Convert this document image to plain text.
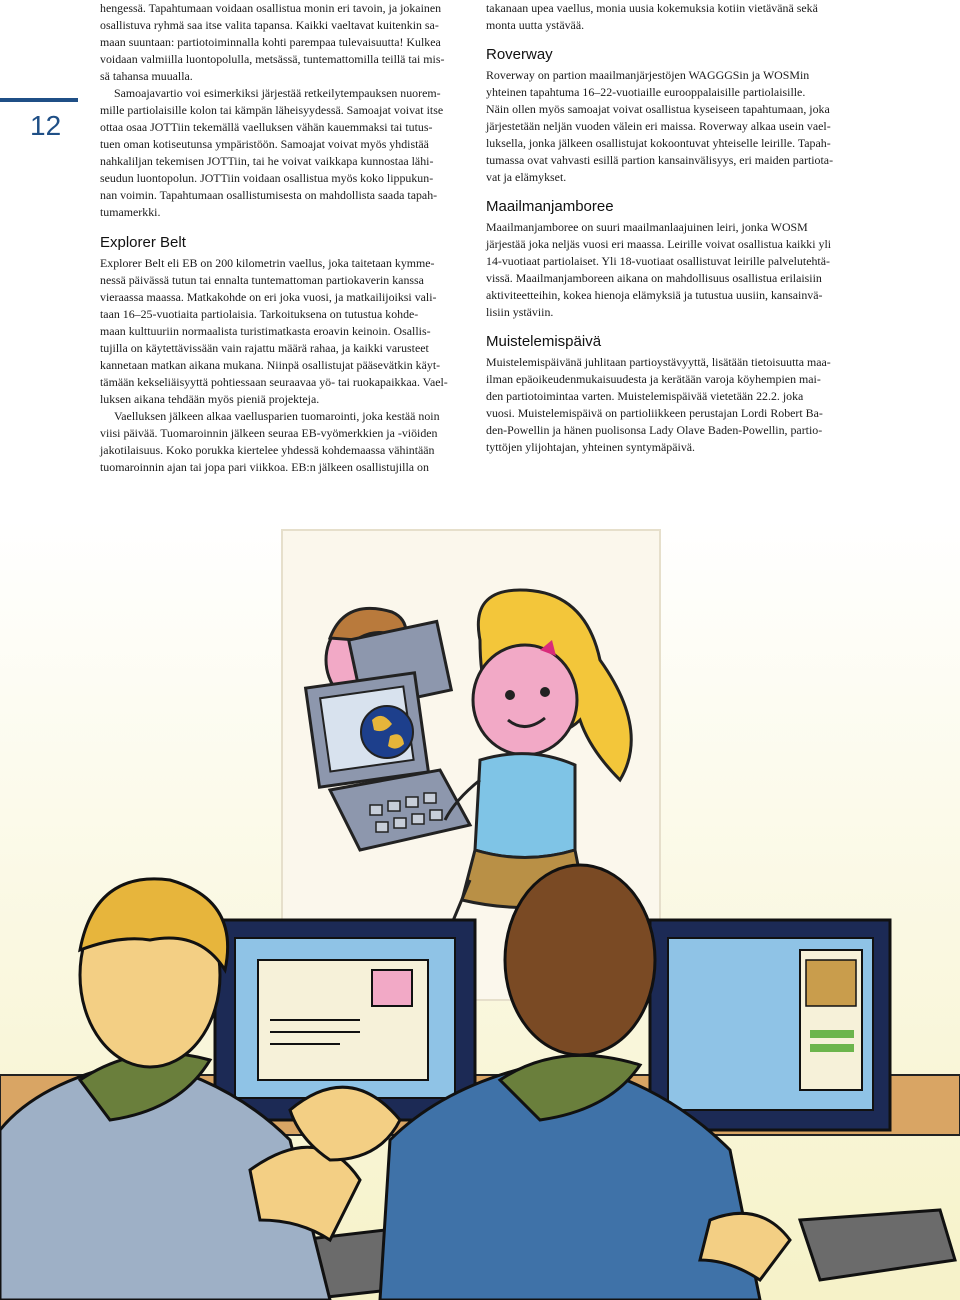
12

hengessä. Tapahtumaan voidaan osallistua monin eri tavoin, ja jokainen
osallistuva ryhmä saa itse valita tapansa. Kaikki vaeltavat kuitenkin sa-
maan suuntaan: partiotoiminnalla kohti parempaa tulevaisuutta! Kulkea
voidaan valmiilla luontopolulla, metsässä, tuntemattomilla teillä tai mis-
sä tahansa muualla.

Samoajavartio voi esimerkiksi järjestää retkeilytempauksen nuorem-
mille partiolaisille kolon tai kämpän läheisyydessä. Samoajat voivat itse
ottaa osaa JOTTiin tekemällä vaelluksen vähän kauemmaksi tai tutus-
tuen oman kotiseutunsa ympäristöön. Samoajat voivat myös yhdistää
nahkaliljan tekemisen JOTTiin, tai he voivat vaikkapa kunnostaa lähi-
seudun luontopolun. JOTTiin voidaan osallistua myös koko lippukun-
nan voimin. Tapahtumaan osallistumisesta on mahdollista saada tapah-
tumamerkki.

Explorer Belt

Explorer Belt eli EB on 200 kilometrin vaellus, joka taitetaan kymme-
nessä päivässä tutun tai ennalta tuntemattoman partiokaverin kanssa
vieraassa maassa. Matkakohde on eri joka vuosi, ja matkailijoiksi vali-
taan 16–25-vuotiaita partiolaisia. Tarkoituksena on tutustua kohde-
maan kulttuuriin normaalista turistimatkasta eroavin keinoin. Osallis-
tujilla on käytettävissään vain rajattu määrä rahaa, ja kaikki varusteet
kannetaan matkan aikana mukana. Niinpä osallistujat pääsevätkin käyt-
tämään kekseliäisyyttä pohtiessaan seuraavaa yö- tai ruokapaikkaa. Vael-
luksen aikana tehdään myös pieniä projekteja.

Vaelluksen jälkeen alkaa vaellusparien tuomarointi, joka kestää noin
viisi päivää. Tuomaroinnin jälkeen seuraa EB-vyömerkkien ja -viöiden
jakotilaisuus. Koko porukka kiertelee yhdessä kohdemaassa vähintään
tuomaroinnin ajan tai jopa pari viikkoa. EB:n jälkeen osallistujilla on

takanaan upea vaellus, monia uusia kokemuksia kotiin vietävänä sekä
monta uutta ystävää.

Roverway

Roverway on partion maailmanjärjestöjen WAGGGSin ja WOSMin
yhteinen tapahtuma 16–22-vuotiaille eurooppalaisille partiolaisille.
Näin ollen myös samoajat voivat osallistua kyseiseen tapahtumaan, joka
järjestetään neljän vuoden välein eri maissa. Roverway alkaa usein vael-
luksella, jonka jälkeen osallistujat kokoontuvat yhteiselle leirille. Tapah-
tumassa ovat vahvasti esillä partion kansainvälisyys, eri maiden partiota-
vat ja elämykset.

Maailmanjamboree

Maailmanjamboree on suuri maailmanlaajuinen leiri, jonka WOSM
järjestää joka neljäs vuosi eri maassa. Leirille voivat osallistua kaikki yli
14-vuotiaat partiolaiset. Yli 18-vuotiaat osallistuvat leirille palvelutehtä-
vissä. Maailmanjamboreen aikana on mahdollisuus osallistua erilaisiin
aktiviteetteihin, kokea hienoja elämyksiä ja tutustua uusiin, kansainvä-
lisiin ystäviin.

Muistelemispäivä

Muistelemispäivänä juhlitaan partioystävyyttä, lisätään tietoisuutta maa-
ilman epäoikeudenmukaisuudesta ja kerätään varoja köyhempien mai-
den partiotoimintaa varten. Muistelemispäivää vietetään 22.2. joka
vuosi. Muistelemispäivä on partioliikkeen perustajan Lordi Robert Ba-
den-Powellin ja hänen puolisonsa Lady Olave Baden-Powellin, partio-
tyttöjen ylijohtajan, yhteinen syntymäpäivä.
